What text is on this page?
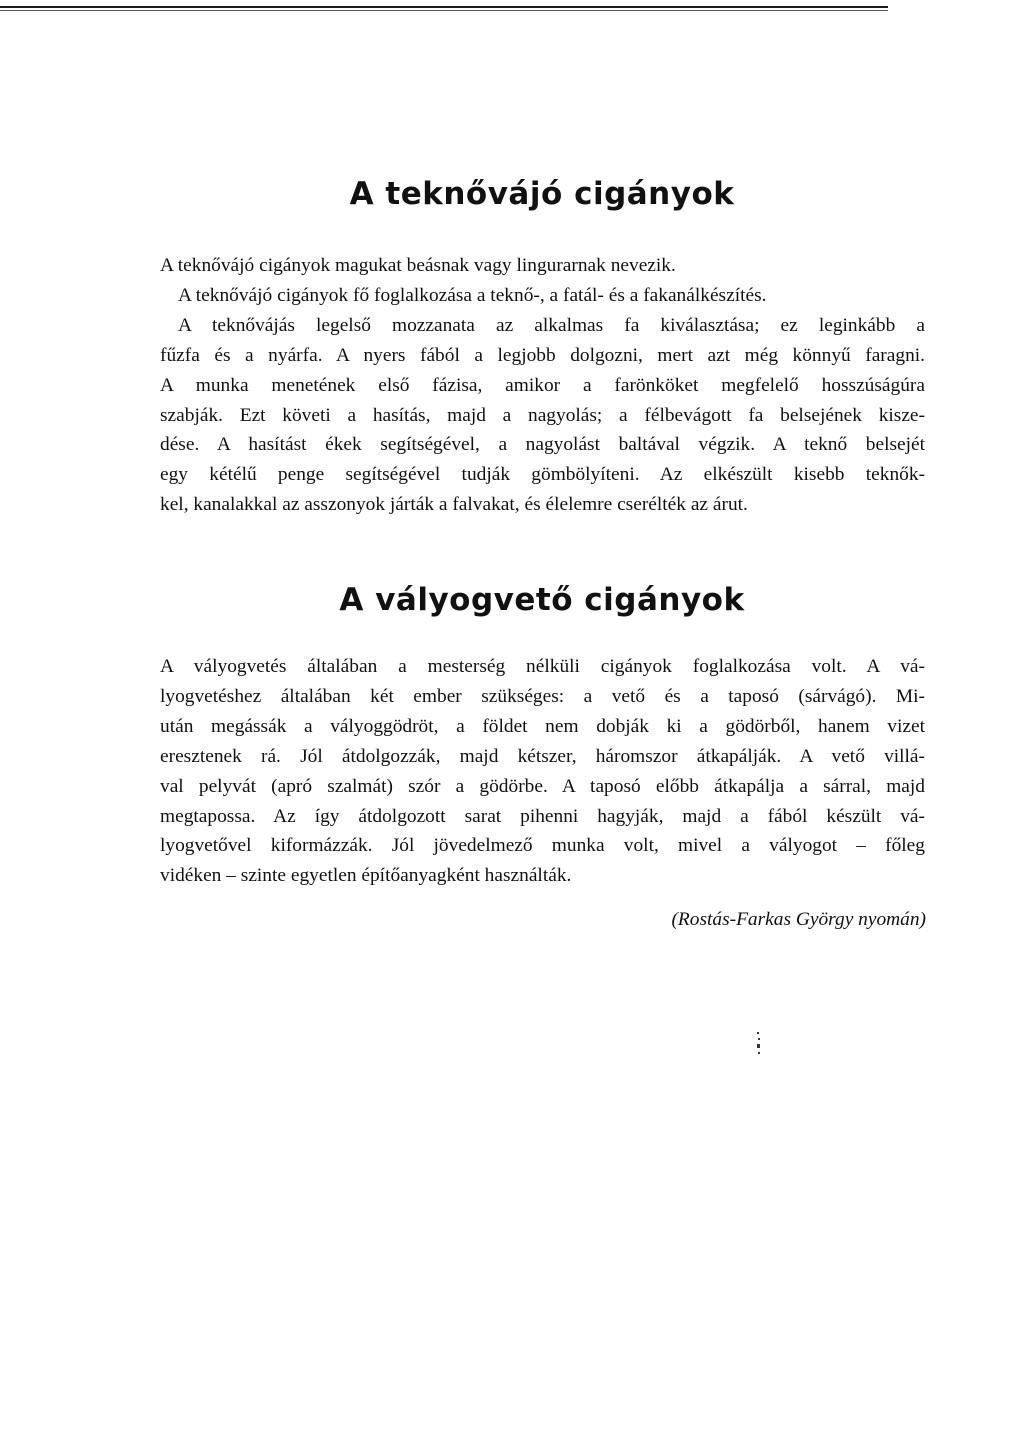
A teknővájó cigányok
A teknővájó cigányok magukat beásnak vagy lingurarnak nevezik.
A teknővájó cigányok fő foglalkozása a teknő-, a fatál- és a fakanálkészítés.
A teknővájás legelső mozzanata az alkalmas fa kiválasztása; ez leginkább a
fűzfa és a nyárfa. A nyers fából a legjobb dolgozni, mert azt még könnyű faragni.
A munka menetének első fázisa, amikor a farönköket megfelelő hosszúságúra
szabják. Ezt követi a hasítás, majd a nagyolás; a félbevágott fa belsejének kisze-
dése. A hasítást ékek segítségével, a nagyolást baltával végzik. A teknő belsejét
egy kétélű penge segítségével tudják gömbölyíteni. Az elkészült kisebb teknők-
kel, kanalakkal az asszonyok járták a falvakat, és élelemre cserélték az árut.
A vályogvető cigányok
A vályogvetés általában a mesterség nélküli cigányok foglalkozása volt. A vá-
lyogvetéshez általában két ember szükséges: a vető és a taposó (sárvágó). Mi-
után megássák a vályoggödröt, a földet nem dobják ki a gödörből, hanem vizet
eresztenek rá. Jól átdolgozzák, majd kétszer, háromszor átkapálják. A vető villá-
val pelyvát (apró szalmát) szór a gödörbe. A taposó előbb átkapálja a sárral, majd
megtapossa. Az így átdolgozott sarat pihenni hagyják, majd a fából készült vá-
lyogvetővel kiformázzák. Jól jövedelmező munka volt, mivel a vályogot – főleg
vidéken – szinte egyetlen építőanyagként használták.

(Rostás-Farkas György nyomán)
